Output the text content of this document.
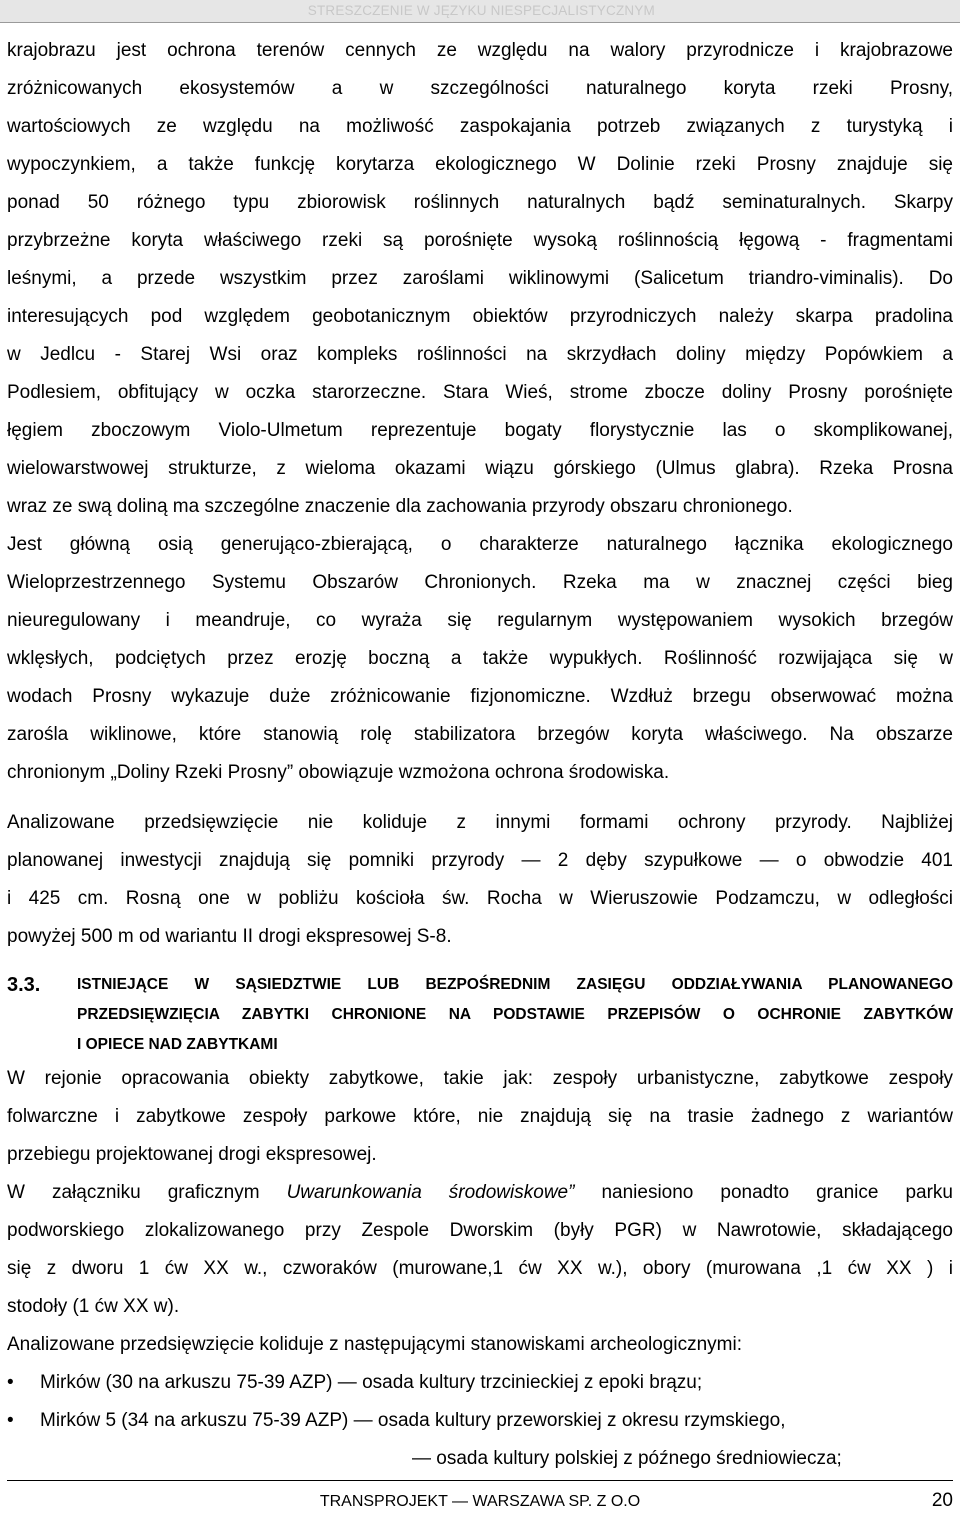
STRESZCZENIE W JĘZYKU NIESPECJALISTYCZNYM

krajobrazu jest ochrona terenów cennych ze względu na walory przyrodnicze i krajobrazowe

zróżnicowanych ekosystemów a w szczególności naturalnego koryta rzeki Prosny,

wartościowych ze względu na możliwość zaspokajania potrzeb związanych z turystyką i

wypoczynkiem, a także funkcję korytarza ekologicznego W Dolinie rzeki Prosny znajduje się

ponad 50 różnego typu zbiorowisk roślinnych naturalnych bądź seminaturalnych. Skarpy

przybrzeżne koryta właściwego rzeki są porośnięte wysoką roślinnością łęgową - fragmentami

leśnymi, a przede wszystkim przez zaroślami wiklinowymi (Salicetum triandro-viminalis). Do

interesujących pod względem geobotanicznym obiektów przyrodniczych należy skarpa pradolina

w Jedlcu - Starej Wsi oraz kompleks roślinności na skrzydłach doliny między Popówkiem a

Podlesiem, obfitujący w oczka starorzeczne. Stara Wieś, strome zbocze doliny Prosny porośnięte

łęgiem zboczowym Violo-Ulmetum reprezentuje bogaty florystycznie las o skomplikowanej,

wielowarstwowej strukturze, z wieloma okazami wiązu górskiego (Ulmus glabra). Rzeka Prosna

wraz ze swą doliną ma szczególne znaczenie dla zachowania przyrody obszaru chronionego.

Jest główną osią generująco-zbierającą, o charakterze naturalnego łącznika ekologicznego

Wieloprzestrzennego Systemu Obszarów Chronionych. Rzeka ma w znacznej części bieg

nieuregulowany i meandruje, co wyraża się regularnym występowaniem wysokich brzegów

wklęsłych, podciętych przez erozję boczną a także wypukłych. Roślinność rozwijająca się w

wodach Prosny wykazuje duże zróżnicowanie fizjonomiczne. Wzdłuż brzegu obserwować można

zarośla wiklinowe, które stanowią rolę stabilizatora brzegów koryta właściwego. Na obszarze

chronionym „Doliny Rzeki Prosny” obowiązuje wzmożona ochrona środowiska.

Analizowane przedsięwzięcie nie koliduje z innymi formami ochrony przyrody. Najbliżej

planowanej inwestycji znajdują się pomniki przyrody — 2 dęby szypułkowe — o obwodzie 401

i 425 cm. Rosną one w pobliżu kościoła św. Rocha w Wieruszowie Podzamczu, w odległości

powyżej 500 m od wariantu II drogi ekspresowej S-8.

3.3. ISTNIEJĄCE W SĄSIEDZTWIE LUB BEZPOŚREDNIM ZASIĘGU ODDZIAŁYWANIA PLANOWANEGO
PRZEDSIĘWZIĘCIA ZABYTKI CHRONIONE NA PODSTAWIE PRZEPISÓW O OCHRONIE ZABYTKÓW
I OPIECE NAD ZABYTKAMI

W rejonie opracowania obiekty zabytkowe, takie jak: zespoły urbanistyczne, zabytkowe zespoły

folwarczne i zabytkowe zespoły parkowe które, nie znajdują się na trasie żadnego z wariantów

przebiegu projektowanej drogi ekspresowej.

W załączniku graficznym Uwarunkowania środowiskowe” naniesiono ponadto granice parku

podworskiego zlokalizowanego przy Zespole Dworskim (były PGR) w Nawrotowie, składającego

się z dworu 1 ćw XX w., czworaków (murowane,1 ćw XX w.), obory (murowana ,1 ćw XX ) i

stodoły (1 ćw XX w).

Analizowane przedsięwzięcie koliduje z następującymi stanowiskami archeologicznymi:

•	Mirków (30 na arkuszu 75-39 AZP) — osada kultury trzcinieckiej z epoki brązu;
•	Mirków 5 (34 na arkuszu 75-39 AZP) — osada kultury przeworskiej z okresu rzymskiego,
— osada kultury polskiej z późnego średniowiecza;
TRANSPROJEKT — WARSZAWA SP. Z O.O	20
